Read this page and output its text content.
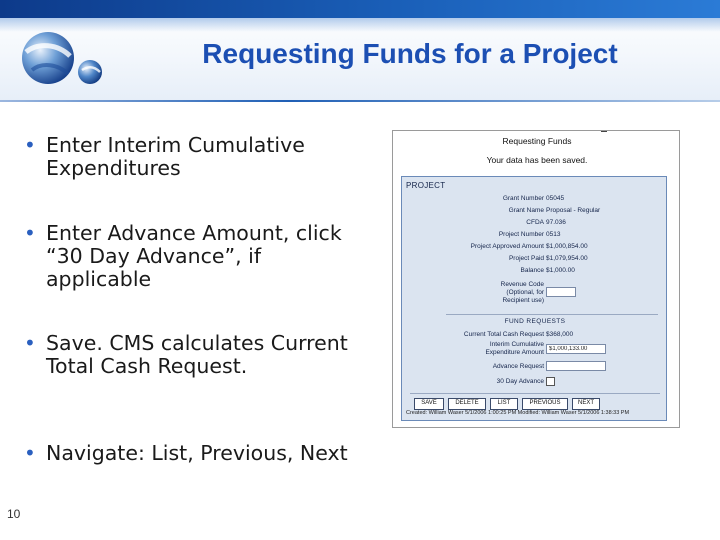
Requesting Funds for a Project
• Enter Interim Cumulative Expenditures
• Enter Advance Amount, click “30 Day Advance”, if applicable
• Save. CMS calculates Current Total Cash Request.
• Navigate: List, Previous, Next
10
Requesting Funds
Your data has been saved.
PROJECT
Grant Number 05045
Grant Name Proposal - Regular
CFDA 97.036
Project Number 0513
Project Approved Amount $1,000,854.00
Project Paid $1,079,954.00
Balance $1,000.00
Revenue Code
(Optional, for
Recipient use)
FUND REQUESTS
Current Total Cash Request $368,000
Interim Cumulative
Expenditure Amount
$1,000,133.00
Advance Request
30 Day Advance
SAVE	DELETE	LIST	PREVIOUS	NEXT
Created: William Waser 5/1/2006 1:00:25 PM Modified: William Waser 5/1/2006 1:38:33 PM
